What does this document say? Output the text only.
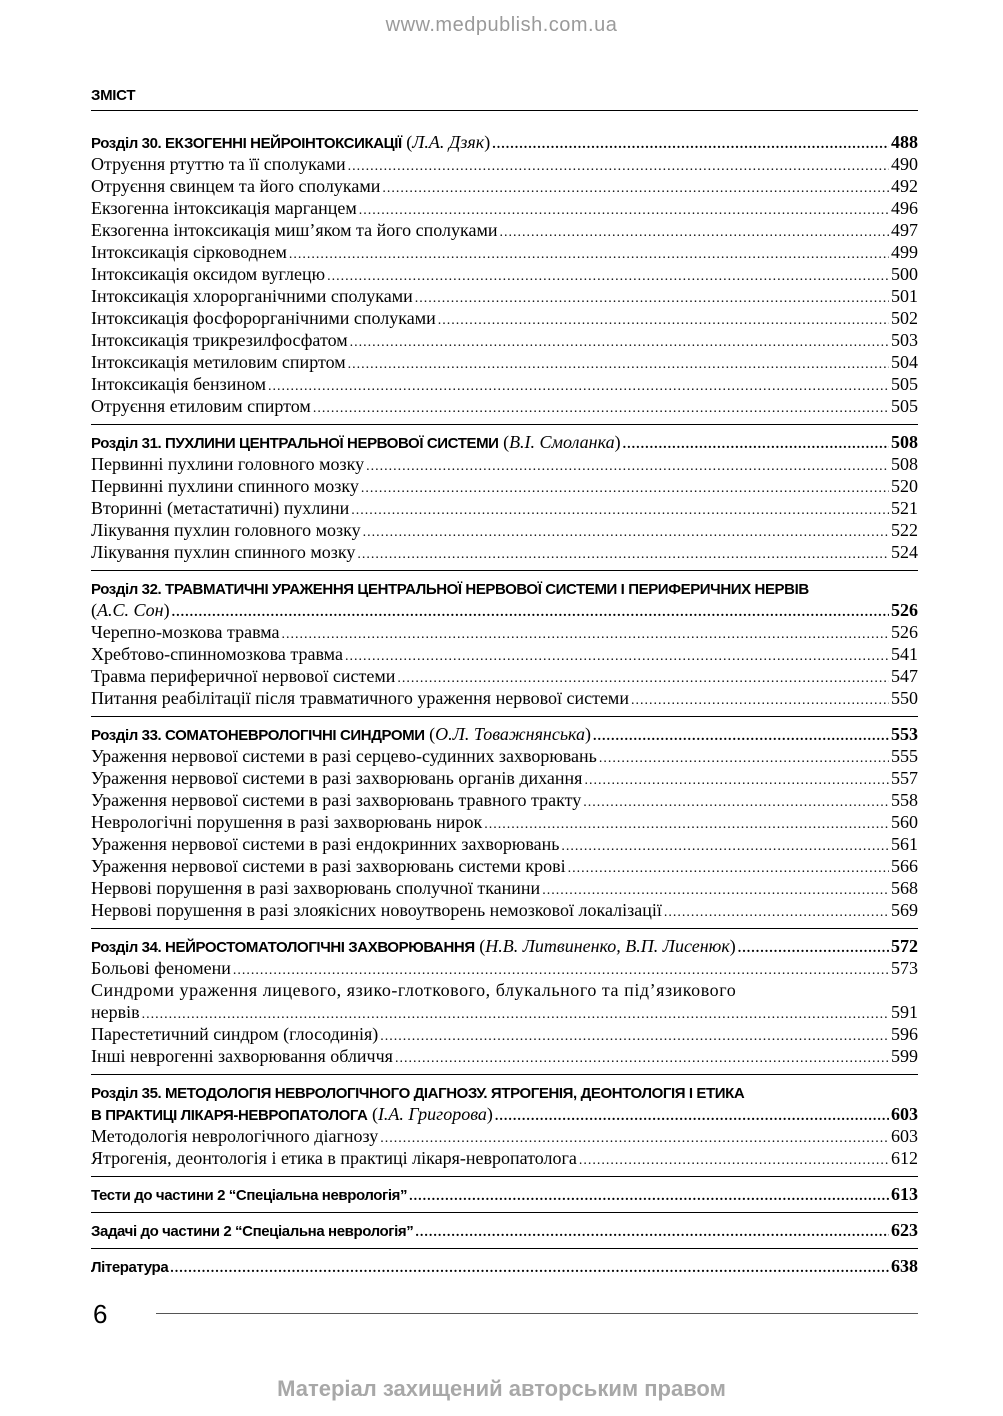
www.medpublish.com.ua
ЗМІСТ
Розділ 30. ЕКЗОГЕННІ НЕЙРОІНТОКСИКАЦІЇ (Л.А. Дзяк) .....	488
Отруєння ртуттю та її сполуками .....	490
Отруєння свинцем та його сполуками .....	492
Екзогенна інтоксикація марганцем .....	496
Екзогенна інтоксикація миш’яком та його сполуками .....	497
Інтоксикація сірководнем .....	499
Інтоксикація оксидом вуглецю .....	500
Інтоксикація хлорорганічними сполуками .....	501
Інтоксикація фосфорорганічними сполуками .....	502
Інтоксикація трикрезилфосфатом .....	503
Інтоксикація метиловим спиртом .....	504
Інтоксикація бензином .....	505
Отруєння етиловим спиртом .....	505
Розділ 31. ПУХЛИНИ ЦЕНТРАЛЬНОЇ НЕРВОВОЇ СИСТЕМИ (В.І. Смоланка) .....	508
Первинні пухлини головного мозку .....	508
Первинні пухлини спинного мозку .....	520
Вторинні (метастатичні) пухлини .....	521
Лікування пухлин головного мозку .....	522
Лікування пухлин спинного мозку .....	524
Розділ 32. ТРАВМАТИЧНІ УРАЖЕННЯ ЦЕНТРАЛЬНОЇ НЕРВОВОЇ СИСТЕМИ І ПЕРИФЕРИЧНИХ НЕРВІВ
(А.С. Сон) .....	526
Черепно-мозкова травма .....	526
Хребтово-спинномозкова травма .....	541
Травма периферичної нервової системи .....	547
Питання реабілітації після травматичного ураження нервової системи .....	550
Розділ 33. СОМАТОНЕВРОЛОГІЧНІ СИНДРОМИ (О.Л. Товажнянська) .....	553
Ураження нервової системи в разі серцево-судинних захворювань .....	555
Ураження нервової системи в разі захворювань органів дихання .....	557
Ураження нервової системи в разі захворювань травного тракту .....	558
Неврологічні порушення в разі захворювань нирок .....	560
Ураження нервової системи в разі ендокринних захворювань .....	561
Ураження нервової системи в разі захворювань системи крові .....	566
Нервові порушення в разі захворювань сполучної тканини .....	568
Нервові порушення в разі злоякісних новоутворень немозкової локалізації .....	569
Розділ 34. НЕЙРОСТОМАТОЛОГІЧНІ ЗАХВОРЮВАННЯ (Н.В. Литвиненко, В.П. Лисенюк) .....	572
Больові феномени .....	573
Синдроми ураження лицевого, язико-глоткового, блукального та під’язикового
нервів .....	591
Парестетичний синдром (глосодинія) .....	596
Інші неврогенні захворювання обличчя .....	599
Розділ 35. МЕТОДОЛОГІЯ НЕВРОЛОГІЧНОГО ДІАГНОЗУ. ЯТРОГЕНІЯ, ДЕОНТОЛОГІЯ І ЕТИКА
В ПРАКТИЦІ ЛІКАРЯ-НЕВРОПАТОЛОГА (І.А. Григорова) .....	603
Методологія неврологічного діагнозу .....	603
Ятрогенія, деонтологія і етика в практиці лікаря-невропатолога .....	612
Тести до частини 2 “Спеціальна неврологія” .....	613
Задачі до частини 2 “Спеціальна неврологія” .....	623
Література .....	638
6
Матеріал захищений авторським правом
